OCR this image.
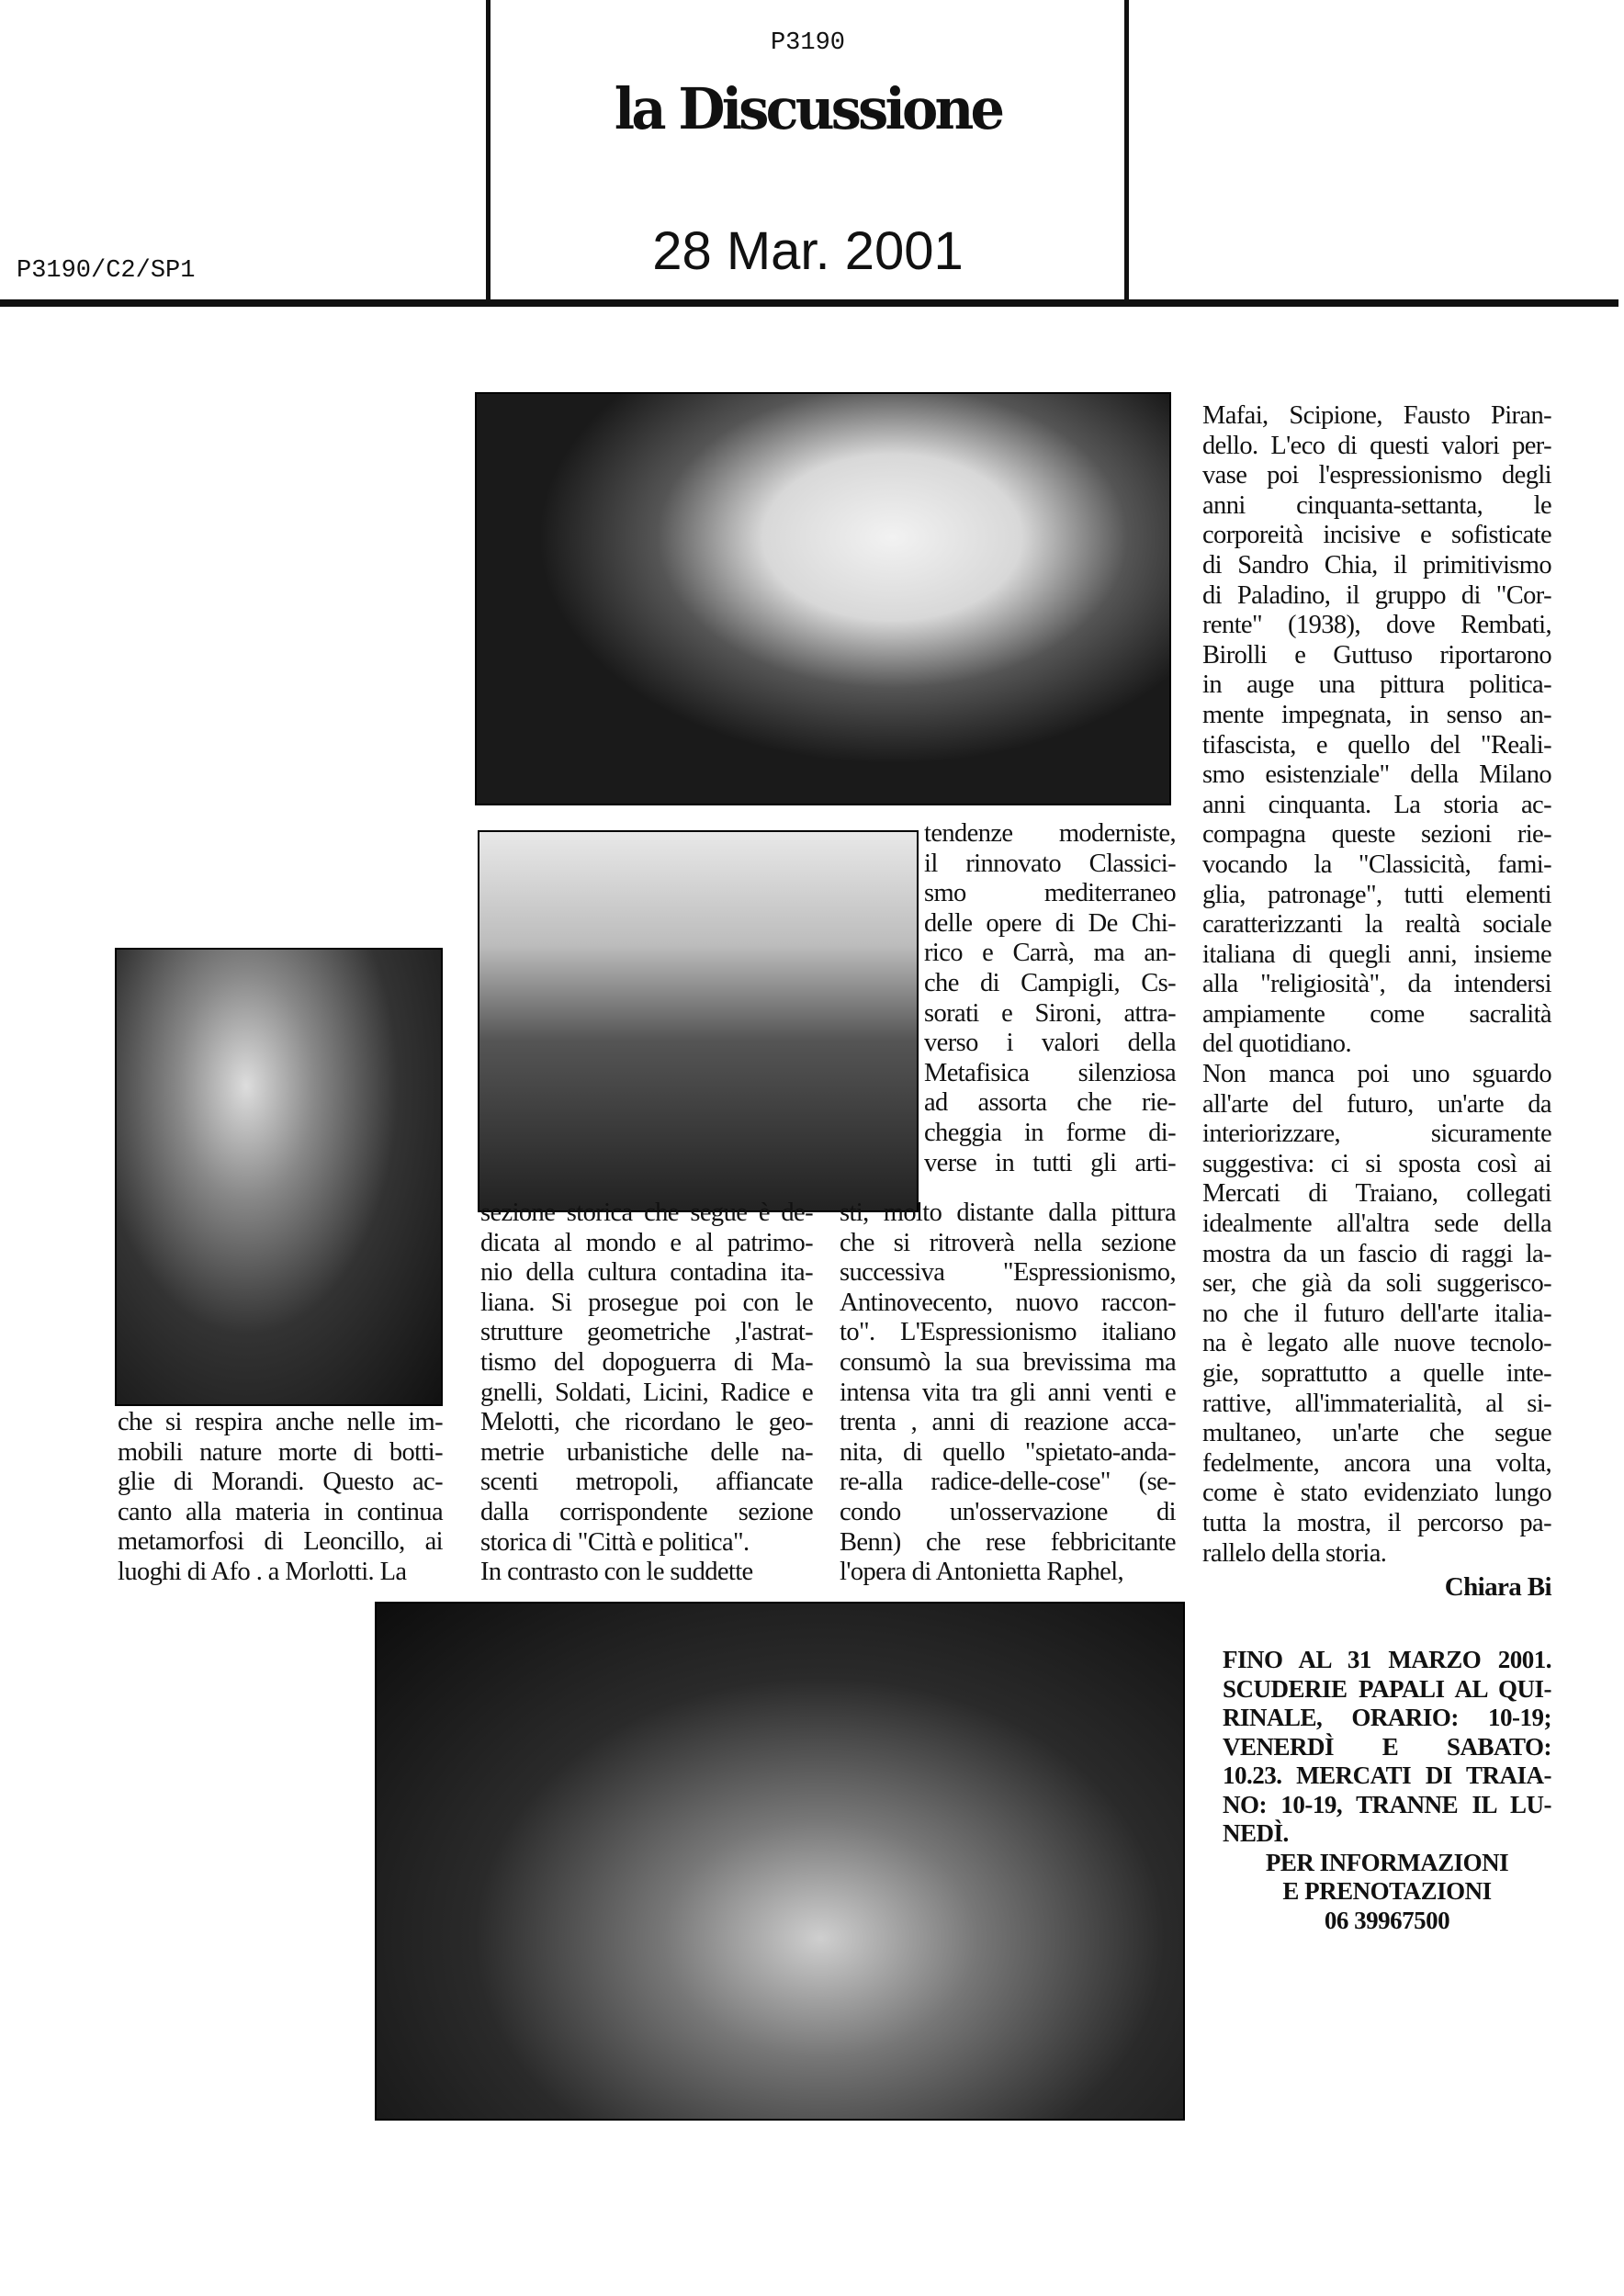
P3190
la Discussione
28 Mar. 2001
P3190/C2/SP1
che si respira anche nelle im-
mobili nature morte di botti-
glie di Morandi. Questo ac-
canto alla materia in continua
metamorfosi di Leoncillo, ai
luoghi di Afo . a Morlotti. La
sezione storica che segue è de-
dicata al mondo e al patrimo-
nio della cultura contadina ita-
liana. Si prosegue poi con le
strutture geometriche ,l'astrat-
tismo del dopoguerra di Ma-
gnelli, Soldati, Licini, Radice e
Melotti, che ricordano le geo-
metrie urbanistiche delle na-
scenti metropoli, affiancate
dalla corrispondente sezione
storica di "Città e politica".
In contrasto con le suddette
tendenze moderniste,
il rinnovato Classici-
smo mediterraneo
delle opere di De Chi-
rico e Carrà, ma an-
che di Campigli, Cs-
sorati e Sironi, attra-
verso i valori della
Metafisica silenziosa
ad assorta che rie-
cheggia in forme di-
verse in tutti gli arti-
sti, molto distante dalla pittura
che si ritroverà nella sezione
successiva "Espressionismo,
Antinovecento, nuovo raccon-
to". L'Espressionismo italiano
consumò la sua brevissima ma
intensa vita tra gli anni venti e
trenta , anni di reazione acca-
nita, di quello "spietato-anda-
re-alla radice-delle-cose" (se-
condo un'osservazione di
Benn) che rese febbricitante
l'opera di Antonietta Raphel,
Mafai, Scipione, Fausto Piran-
dello. L'eco di questi valori per-
vase poi l'espressionismo degli
anni cinquanta-settanta, le
corporeità incisive e sofisticate
di Sandro Chia, il primitivismo
di Paladino, il gruppo di "Cor-
rente" (1938), dove Rembati,
Birolli e Guttuso riportarono
in auge una pittura politica-
mente impegnata, in senso an-
tifascista, e quello del "Reali-
smo esistenziale" della Milano
anni cinquanta. La storia ac-
compagna queste sezioni rie-
vocando la "Classicità, fami-
glia, patronage", tutti elementi
caratterizzanti la realtà sociale
italiana di quegli anni, insieme
alla "religiosità", da intendersi
ampiamente come sacralità
del quotidiano.
Non manca poi uno sguardo
all'arte del futuro, un'arte da
interiorizzare, sicuramente
suggestiva: ci si sposta così ai
Mercati di Traiano, collegati
idealmente all'altra sede della
mostra da un fascio di raggi la-
ser, che già da soli suggerisco-
no che il futuro dell'arte italia-
na è legato alle nuove tecnolo-
gie, soprattutto a quelle inte-
rattive, all'immaterialità, al si-
multaneo, un'arte che segue
fedelmente, ancora una volta,
come è stato evidenziato lungo
tutta la mostra, il percorso pa-
rallelo della storia.
Chiara Bi
FINO AL 31 MARZO 2001.
SCUDERIE PAPALI AL QUI-
RINALE, ORARIO: 10-19;
VENERDÌ E SABATO:
10.23. MERCATI DI TRAIA-
NO: 10-19, TRANNE IL LU-
NEDÌ.
PER INFORMAZIONI
E PRENOTAZIONI
06 39967500
